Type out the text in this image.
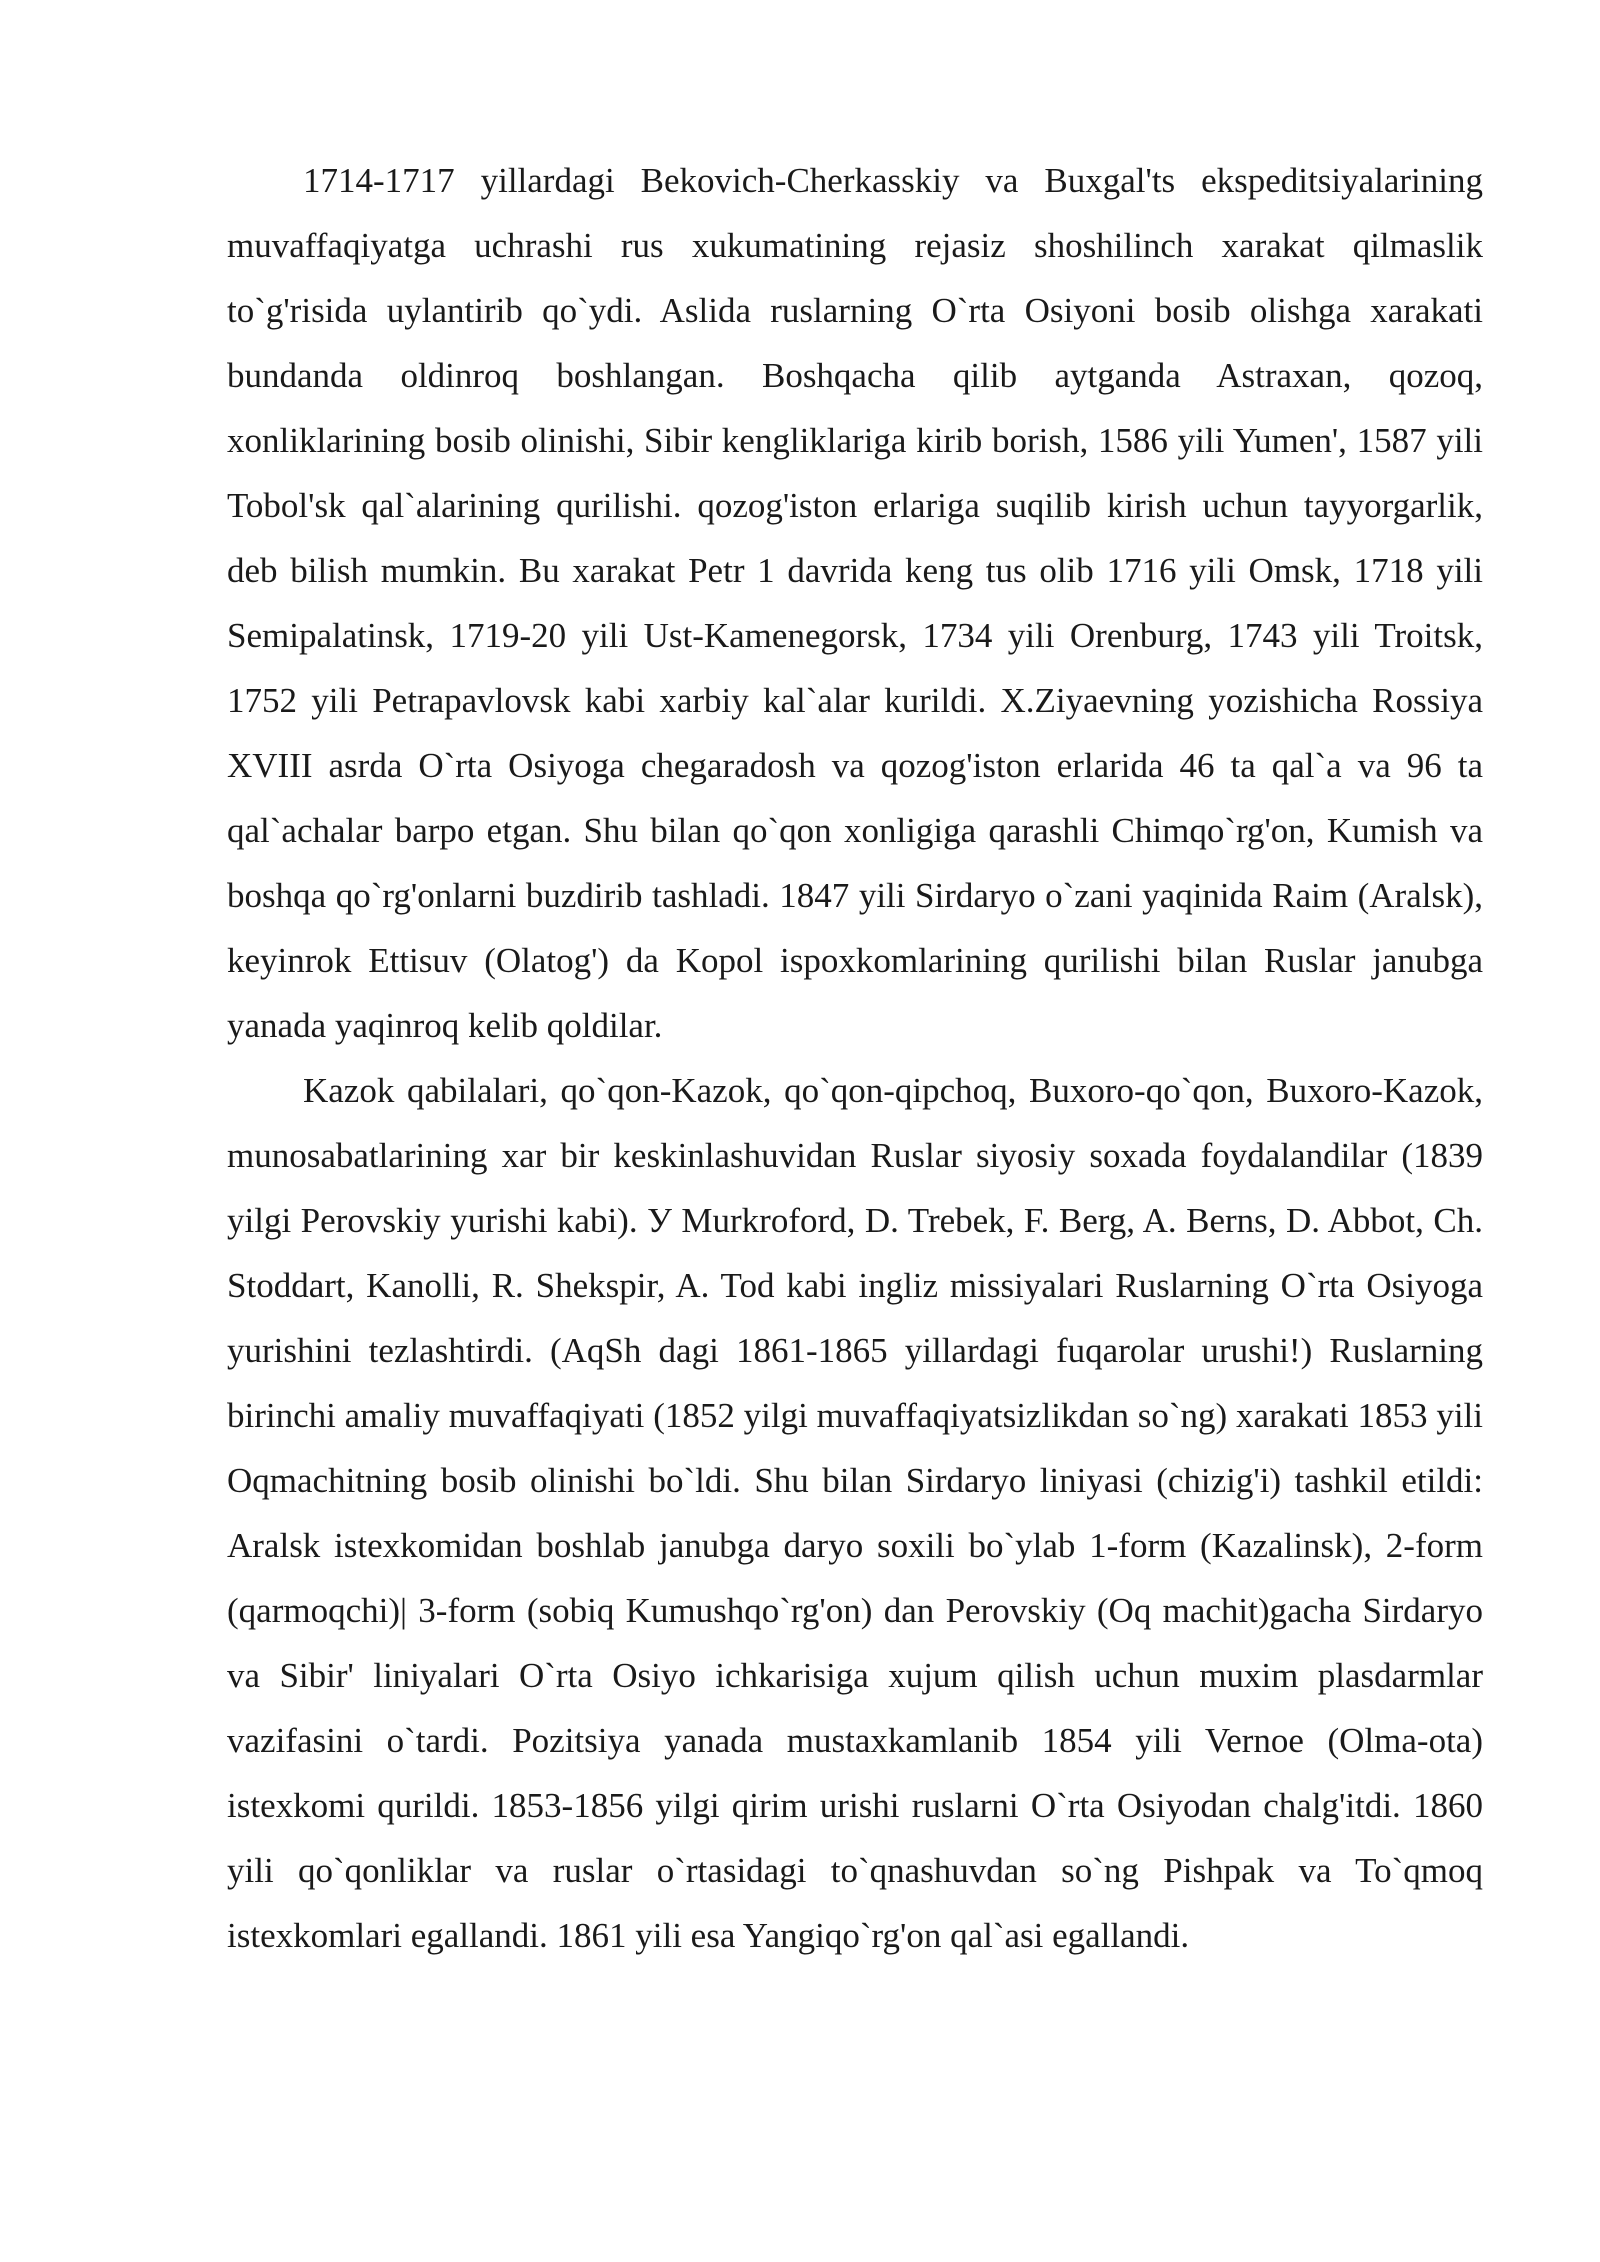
1714-1717 yillardagi Bekovich-Cherkasskiy va Buxgal'ts ekspeditsiyalarining muvaffaqiyatga uchrashi rus xukumatining rejasiz shoshilinch xarakat qilmaslik to`g'risida uylantirib qo`ydi. Aslida ruslarning O`rta Osiyoni bosib olishga xarakati bundanda oldinroq boshlangan. Boshqacha qilib aytganda Astraxan, qozoq, xonliklarining bosib olinishi, Sibir kengliklariga kirib borish, 1586 yili Yumen', 1587 yili Tobol'sk qal`alarining qurilishi. qozog'iston erlariga suqilib kirish uchun tayyorgarlik, deb bilish mumkin. Bu xarakat Petr 1 davrida keng tus olib 1716 yili Omsk, 1718 yili Semipalatinsk, 1719-20 yili Ust-Kamenegorsk, 1734 yili Orenburg, 1743 yili Troitsk, 1752 yili Petrapavlovsk kabi xarbiy kal`alar kurildi. X.Ziyaevning yozishicha Rossiya XVIII asrda O`rta Osiyoga chegaradosh va qozog'iston erlarida 46 ta qal`a va 96 ta qal`achalar barpo etgan. Shu bilan qo`qon xonligiga qarashli Chimqo`rg'on, Kumish va boshqa qo`rg'onlarni buzdirib tashladi. 1847 yili Sirdaryo o`zani yaqinida Raim (Aralsk), keyinrok Ettisuv (Olatog') da Kopol ispoxkomlarining qurilishi bilan Ruslar janubga yanada yaqinroq kelib qoldilar.

Kazok qabilalari, qo`qon-Kazok, qo`qon-qipchoq, Buxoro-qo`qon, Buxoro-Kazok, munosabatlarining xar bir keskinlashuvidan Ruslar siyosiy soxada foydalandilar (1839 yilgi Perovskiy yurishi kabi). У Murkroford, D. Trebek, F. Berg, A. Berns, D. Abbot, Ch. Stoddart, Kanolli, R. Shekspir, A. Tod kabi ingliz missiyalari Ruslarning O`rta Osiyoga yurishini tezlashtirdi. (AqSh dagi 1861-1865 yillardagi fuqarolar urushi!) Ruslarning birinchi amaliy muvaffaqiyati (1852 yilgi muvaffaqiyatsizlikdan so`ng) xarakati 1853 yili Oqmachitning bosib olinishi bo`ldi. Shu bilan Sirdaryo liniyasi (chizig'i) tashkil etildi: Aralsk istexkomidan boshlab janubga daryo soxili bo`ylab 1-form (Kazalinsk), 2-form (qarmoqchi)| 3-form (sobiq Kumushqo`rg'on) dan Perovskiy (Oq machit)gacha Sirdaryo va Sibir' liniyalari O`rta Osiyo ichkarisiga xujum qilish uchun muxim plasdarmlar vazifasini o`tardi. Pozitsiya yanada mustaxkamlanib 1854 yili Vernoe (Olma-ota) istexkomi qurildi. 1853-1856 yilgi qirim urishi ruslarni O`rta Osiyodan chalg'itdi. 1860 yili qo`qonliklar va ruslar o`rtasidagi to`qnashuvdan so`ng Pishpak va To`qmoq istexkomlari egallandi. 1861 yili esa Yangiqo`rg'on qal`asi egallandi.
